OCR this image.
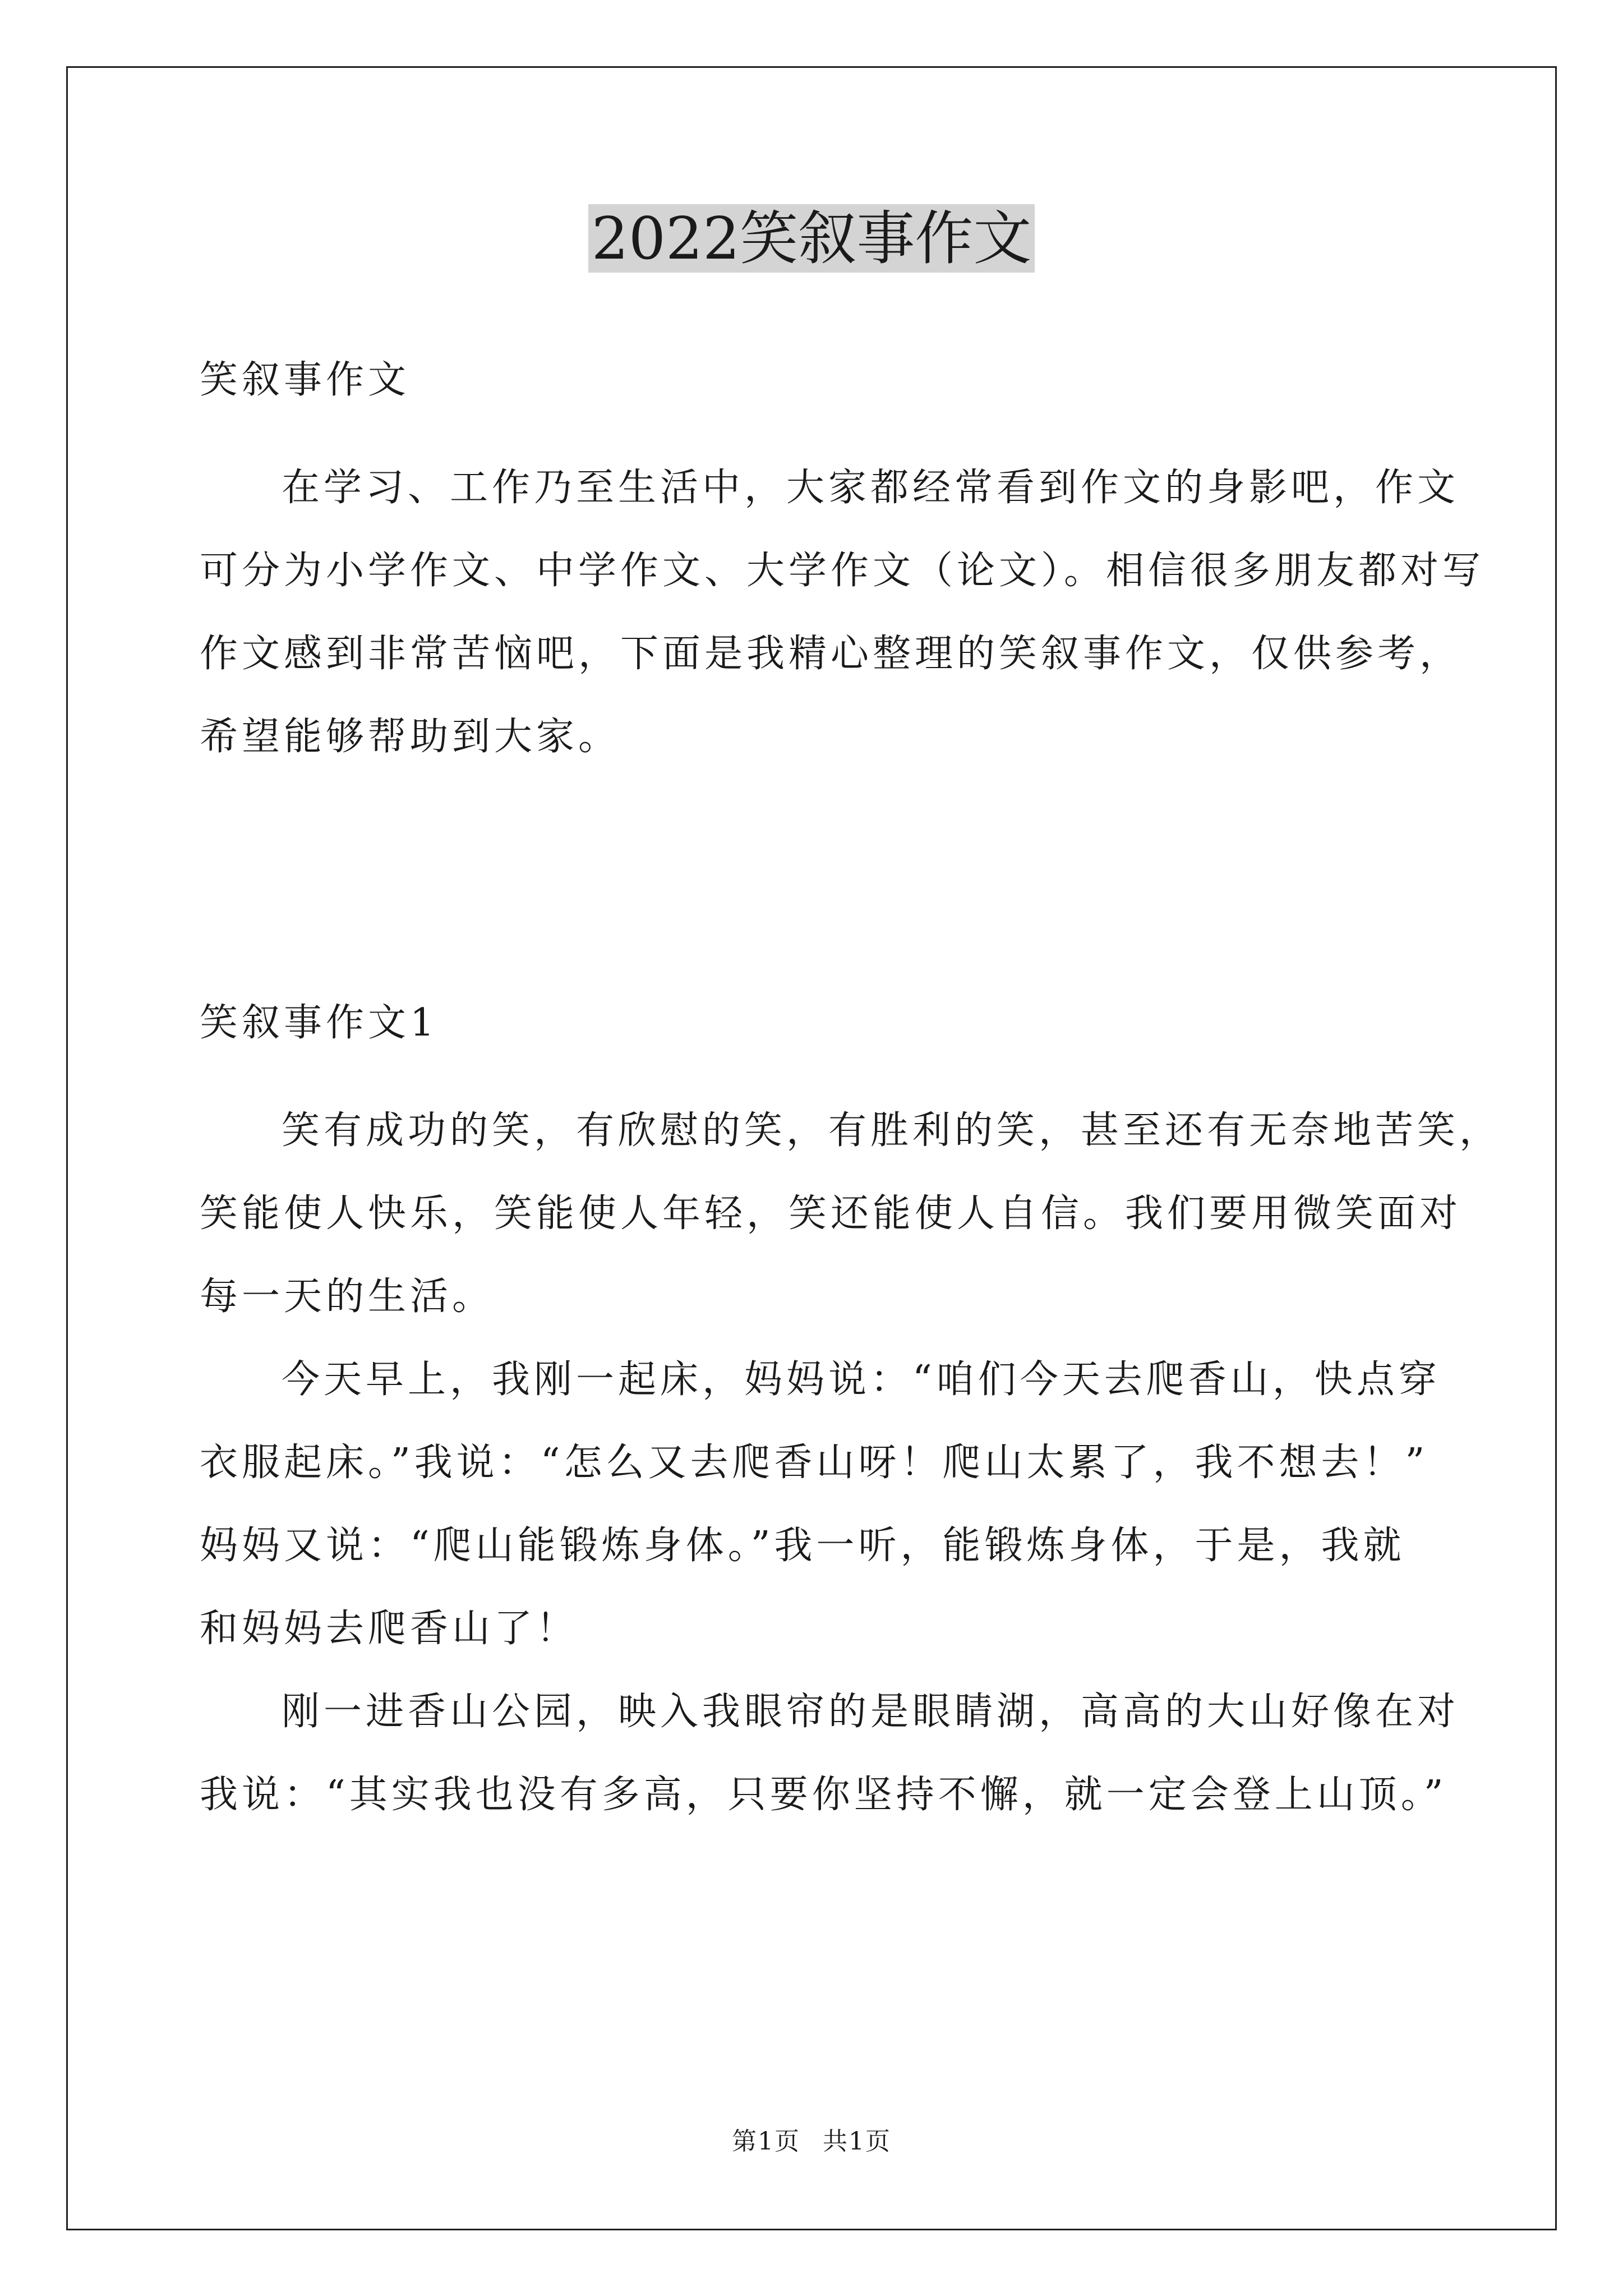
2022笑叙事作文
笑叙事作文
在学习、工作乃至生活中，大家都经常看到作文的身影吧，作文
可分为小学作文、中学作文、大学作文（论文）。相信很多朋友都对写
作文感到非常苦恼吧，下面是我精心整理的笑叙事作文，仅供参考，
希望能够帮助到大家。
笑叙事作文1
笑有成功的笑，有欣慰的笑，有胜利的笑，甚至还有无奈地苦笑，
笑能使人快乐，笑能使人年轻，笑还能使人自信。我们要用微笑面对
每一天的生活。
今天早上，我刚一起床，妈妈说：“咱们今天去爬香山，快点穿
衣服起床。”我说：“怎么又去爬香山呀！爬山太累了，我不想去！”
妈妈又说：“爬山能锻炼身体。”我一听，能锻炼身体，于是，我就
和妈妈去爬香山了！
刚一进香山公园，映入我眼帘的是眼睛湖，高高的大山好像在对
我说：“其实我也没有多高，只要你坚持不懈，就一定会登上山顶。”
第1页 共1页
